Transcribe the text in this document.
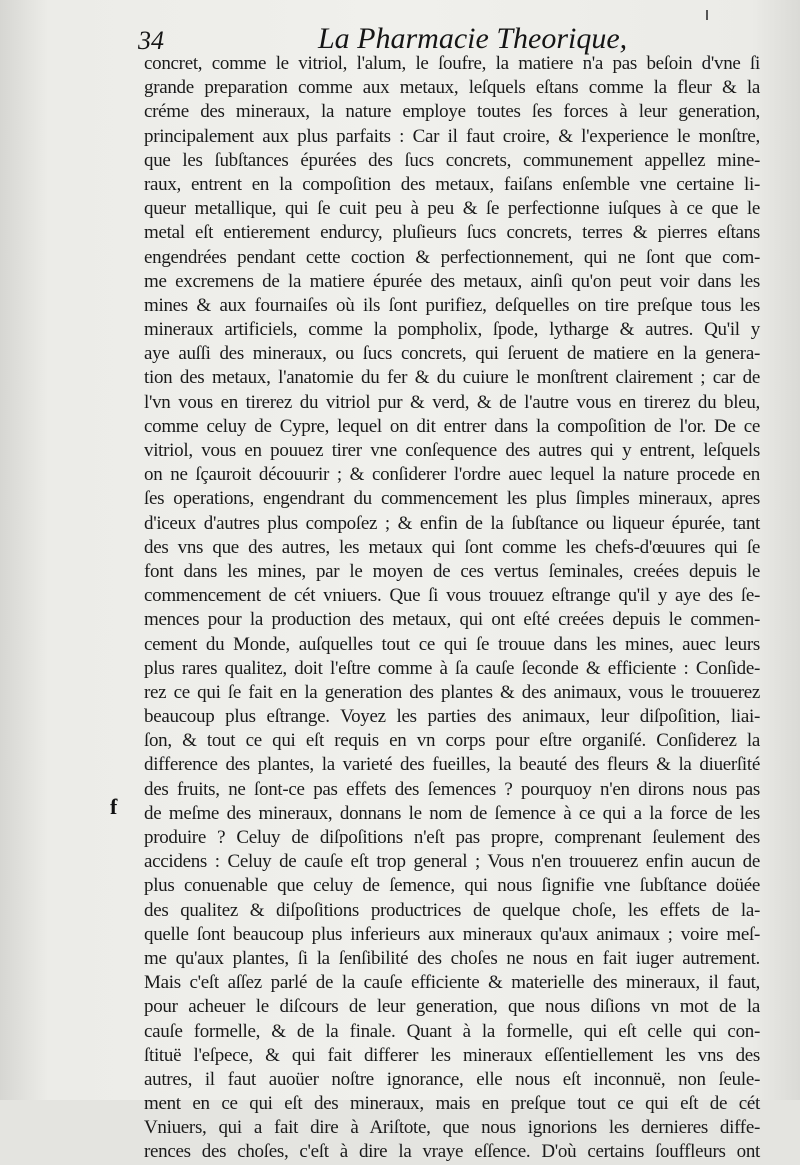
34	La Pharmacie Theorique,
f
concret, comme le vitriol, l'alum, le ſoufre, la matiere n'a pas beſoin d'vne ſi
grande preparation comme aux metaux, leſquels eſtans comme la fleur & la
créme des mineraux, la nature employe toutes ſes forces à leur generation,
principalement aux plus parfaits : Car il faut croire, & l'experience le monſtre,
que les ſubſtances épurées des ſucs concrets, communement appellez mine-
raux, entrent en la compoſition des metaux, faiſans enſemble vne certaine li-
queur metallique, qui ſe cuit peu à peu & ſe perfectionne iuſques à ce que le
metal eſt entierement endurcy, pluſieurs ſucs concrets, terres & pierres eſtans
engendrées pendant cette coction & perfectionnement, qui ne ſont que com-
me excremens de la matiere épurée des metaux, ainſi qu'on peut voir dans les
mines & aux fournaiſes où ils ſont purifiez, deſquelles on tire preſque tous les
mineraux artificiels, comme la pompholix, ſpode, lytharge & autres. Qu'il y
aye auſſi des mineraux, ou ſucs concrets, qui ſeruent de matiere en la genera-
tion des metaux, l'anatomie du fer & du cuiure le monſtrent clairement ; car de
l'vn vous en tirerez du vitriol pur & verd, & de l'autre vous en tirerez du bleu,
comme celuy de Cypre, lequel on dit entrer dans la compoſition de l'or. De ce
vitriol, vous en pouuez tirer vne conſequence des autres qui y entrent, leſquels
on ne ſçauroit découurir ; & conſiderer l'ordre auec lequel la nature procede en
ſes operations, engendrant du commencement les plus ſimples mineraux, apres
d'iceux d'autres plus compoſez ; & enfin de la ſubſtance ou liqueur épurée, tant
des vns que des autres, les metaux qui ſont comme les chefs-d'œuures qui ſe
font dans les mines, par le moyen de ces vertus ſeminales, creées depuis le
commencement de cét vniuers. Que ſi vous trouuez eſtrange qu'il y aye des ſe-
mences pour la production des metaux, qui ont eſté creées depuis le commen-
cement du Monde, auſquelles tout ce qui ſe trouue dans les mines, auec leurs
plus rares qualitez, doit l'eſtre comme à ſa cauſe ſeconde & efficiente : Conſide-
rez ce qui ſe fait en la generation des plantes & des animaux, vous le trouuerez
beaucoup plus eſtrange. Voyez les parties des animaux, leur diſpoſition, liai-
ſon, & tout ce qui eſt requis en vn corps pour eſtre organiſé. Conſiderez la
difference des plantes, la varieté des fueilles, la beauté des fleurs & la diuerſité
des fruits, ne ſont-ce pas effets des ſemences ? pourquoy n'en dirons nous pas
de meſme des mineraux, donnans le nom de ſemence à ce qui a la force de les
produire ? Celuy de diſpoſitions n'eſt pas propre, comprenant ſeulement des
accidens : Celuy de cauſe eſt trop general ; Vous n'en trouuerez enfin aucun de
plus conuenable que celuy de ſemence, qui nous ſignifie vne ſubſtance doüée
des qualitez & diſpoſitions productrices de quelque choſe, les effets de la-
quelle ſont beaucoup plus inferieurs aux mineraux qu'aux animaux ; voire meſ-
me qu'aux plantes, ſi la ſenſibilité des choſes ne nous en fait iuger autrement.
Mais c'eſt aſſez parlé de la cauſe efficiente & materielle des mineraux, il faut,
pour acheuer le diſcours de leur generation, que nous diſions vn mot de la
cauſe formelle, & de la finale. Quant à la formelle, qui eſt celle qui con-
ſtituë l'eſpece, & qui fait differer les mineraux eſſentiellement les vns des
autres, il faut auoüer noſtre ignorance, elle nous eſt inconnuë, non ſeule-
ment en ce qui eſt des mineraux, mais en preſque tout ce qui eſt de cét
Vniuers, qui a fait dire à Ariſtote, que nous ignorions les dernieres diffe-
rences des choſes, c'eſt à dire la vraye eſſence. D'où certains ſouffleurs ont
